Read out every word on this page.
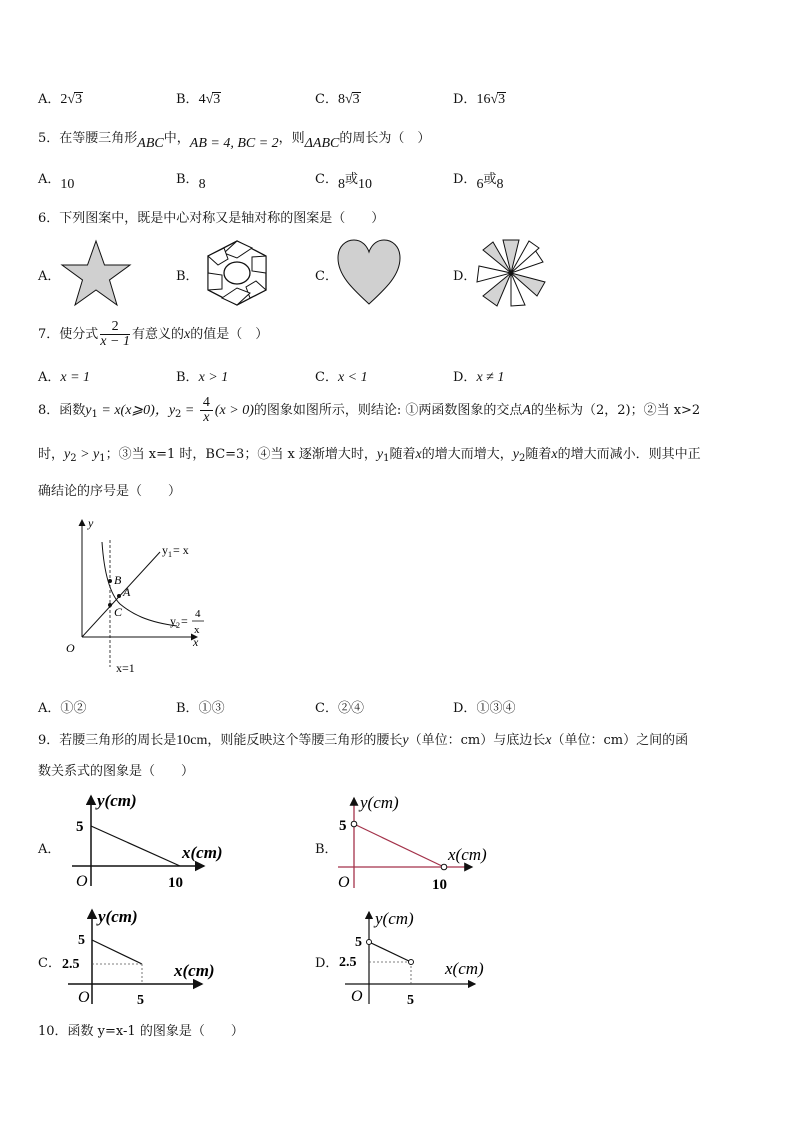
A．2√3	B．4√3	C．8√3	D．16√3
5．在等腰三角形ABC中，AB = 4, BC = 2，则ΔABC的周长为（　）
A．10	B．8	C．8或10	D．6或8
6．下列图案中，既是中心对称又是轴对称的图案是（　　）
A．	B．	C．	D．
7．使分式 $\frac{2}{x - 1}$ 有意义的x的值是（　）
A．x = 1	B．x > 1	C．x < 1	D．x ≠ 1
8．函数$y_1$ = x(x⩾0)，$y_2 = \frac{4}{x} (x > 0)$的图象如图所示，则结论: ①两函数图象的交点A的坐标为（2，2)；②当 x>2
时，$y_2 > y_1$；③当 x=1 时，BC=3；④当 x 逐渐增大时，$y_1$随着x的增大而增大，$y_2$随着x的增大而减小．则其中正
确结论的序号是（　　）
y
x
O
B
A
C
x=1
$y_1= x$
$y_2= 4$
x
A．①②	B．①③	C．②④	D．①③④
9．若腰三角形的周长是10cm，则能反映这个等腰三角形的腰长y（单位：cm）与底边长x（单位：cm）之间的函
数关系式的图象是（　　）
A．
y(cm)
x(cm)
O
5
10
B．
y(cm)
x(cm)
O
5
10
C．
y(cm)
x(cm)
O
5
2.5
5
D．
y(cm)
x(cm)
O
5
2.5
5
10．函数 y=x-1 的图象是（　　）
